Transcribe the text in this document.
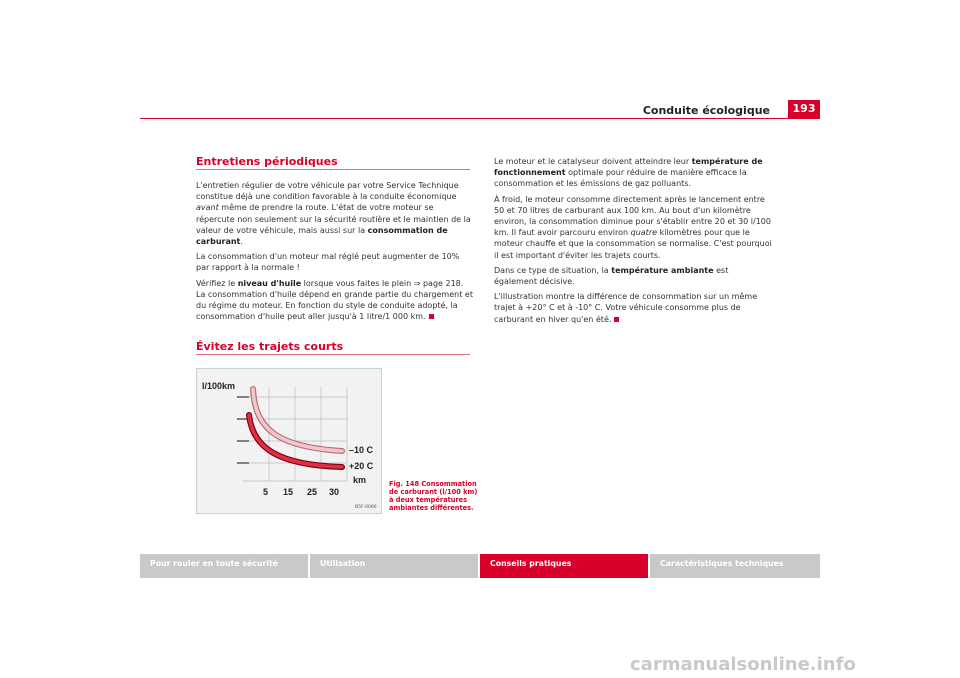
Conduite écologique	193
Entretiens périodiques

L'entretien régulier de votre véhicule par votre Service Technique constitue déjà une condition favorable à la conduite économique avant même de prendre la route. L'état de votre moteur se répercute non seulement sur la sécurité routière et le maintien de la valeur de votre véhicule, mais aussi sur la consommation de carburant.

La consommation d'un moteur mal réglé peut augmenter de 10% par rapport à la normale !

Vérifiez le niveau d'huile lorsque vous faites le plein ⇒ page 218. La consommation d'huile dépend en grande partie du chargement et du régime du moteur. En fonction du style de conduite adopté, la consommation d'huile peut aller jusqu'à 1 litre/1 000 km.

Évitez les trajets courts
l/100km
–10 C
+20 C
km
5 15 25 30
B5F-0096
Fig. 148 Consommation de carburant (l/100 km) à deux températures ambiantes différentes.

Le moteur et le catalyseur doivent atteindre leur température de fonctionnement optimale pour réduire de manière efficace la consommation et les émissions de gaz polluants.

À froid, le moteur consomme directement après le lancement entre 50 et 70 litres de carburant aux 100 km. Au bout d'un kilomètre environ, la consommation diminue pour s'établir entre 20 et 30 l/100 km. Il faut avoir parcouru environ quatre kilomètres pour que le moteur chauffe et que la consommation se normalise. C'est pourquoi il est important d'éviter les trajets courts.

Dans ce type de situation, la température ambiante est également décisive.

L'illustration montre la différence de consommation sur un même trajet à +20° C et à -10° C. Votre véhicule consomme plus de carburant en hiver qu'en été.

Pour rouler en toute sécurité	Utilisation	Conseils pratiques	Caractéristiques techniques
carmanualsonline.info
